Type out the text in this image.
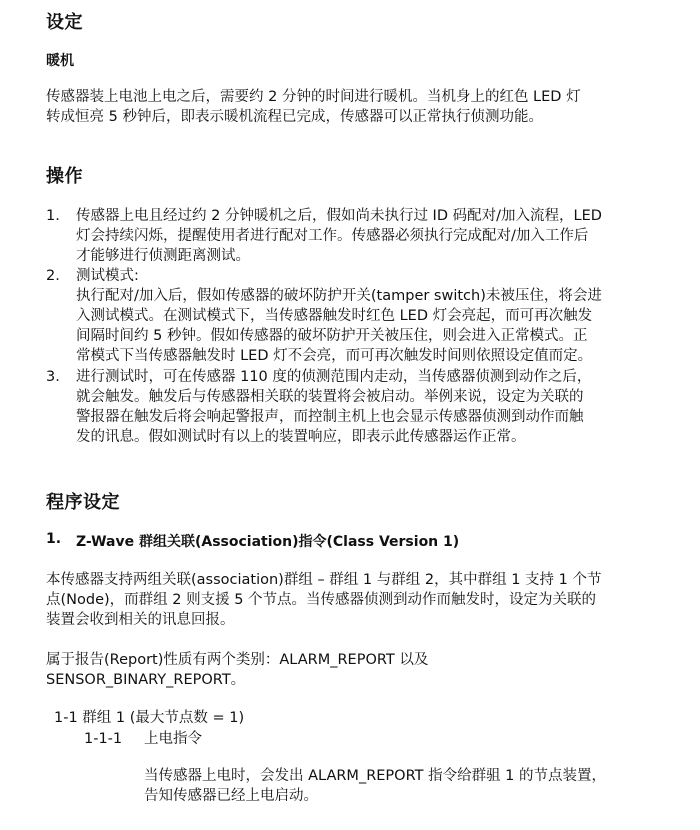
设定
暖机
传感器装上电池上电之后，需要约 2 分钟的时间进行暖机。当机身上的红色 LED 灯
转成恒亮 5 秒钟后，即表示暖机流程已完成，传感器可以正常执行侦测功能。
操作
1. 传感器上电且经过约 2 分钟暖机之后，假如尚未执行过 ID 码配对/加入流程，LED
灯会持续闪烁，提醒使用者进行配对工作。传感器必须执行完成配对/加入工作后
才能够进行侦测距离测试。
2. 测试模式:
执行配对/加入后，假如传感器的破坏防护开关(tamper switch)未被压住，将会进
入测试模式。在测试模式下，当传感器触发时红色 LED 灯会亮起，而可再次触发
间隔时间约 5 秒钟。假如传感器的破坏防护开关被压住，则会进入正常模式。正
常模式下当传感器触发时 LED 灯不会亮，而可再次触发时间则依照设定值而定。
3. 进行测试时，可在传感器 110 度的侦测范围内走动，当传感器侦测到动作之后，
就会触发。触发后与传感器相关联的装置将会被启动。举例来说，设定为关联的
警报器在触发后将会响起警报声，而控制主机上也会显示传感器侦测到动作而触
发的讯息。假如测试时有以上的装置响应，即表示此传感器运作正常。
程序设定
1. Z-Wave 群组关联(Association)指令(Class Version 1)
本传感器支持两组关联(association)群组 – 群组 1 与群组 2，其中群组 1 支持 1 个节
点(Node)，而群组 2 则支援 5 个节点。当传感器侦测到动作而触发时，设定为关联的
装置会收到相关的讯息回报。
属于报告(Report)性质有两个类别：ALARM_REPORT 以及
SENSOR_BINARY_REPORT。
1-1 群组 1 (最大节点数 = 1)
1-1-1 上电指令
当传感器上电时，会发出 ALARM_REPORT 指令给群驵 1 的节点装置，
告知传感器已经上电启动。
